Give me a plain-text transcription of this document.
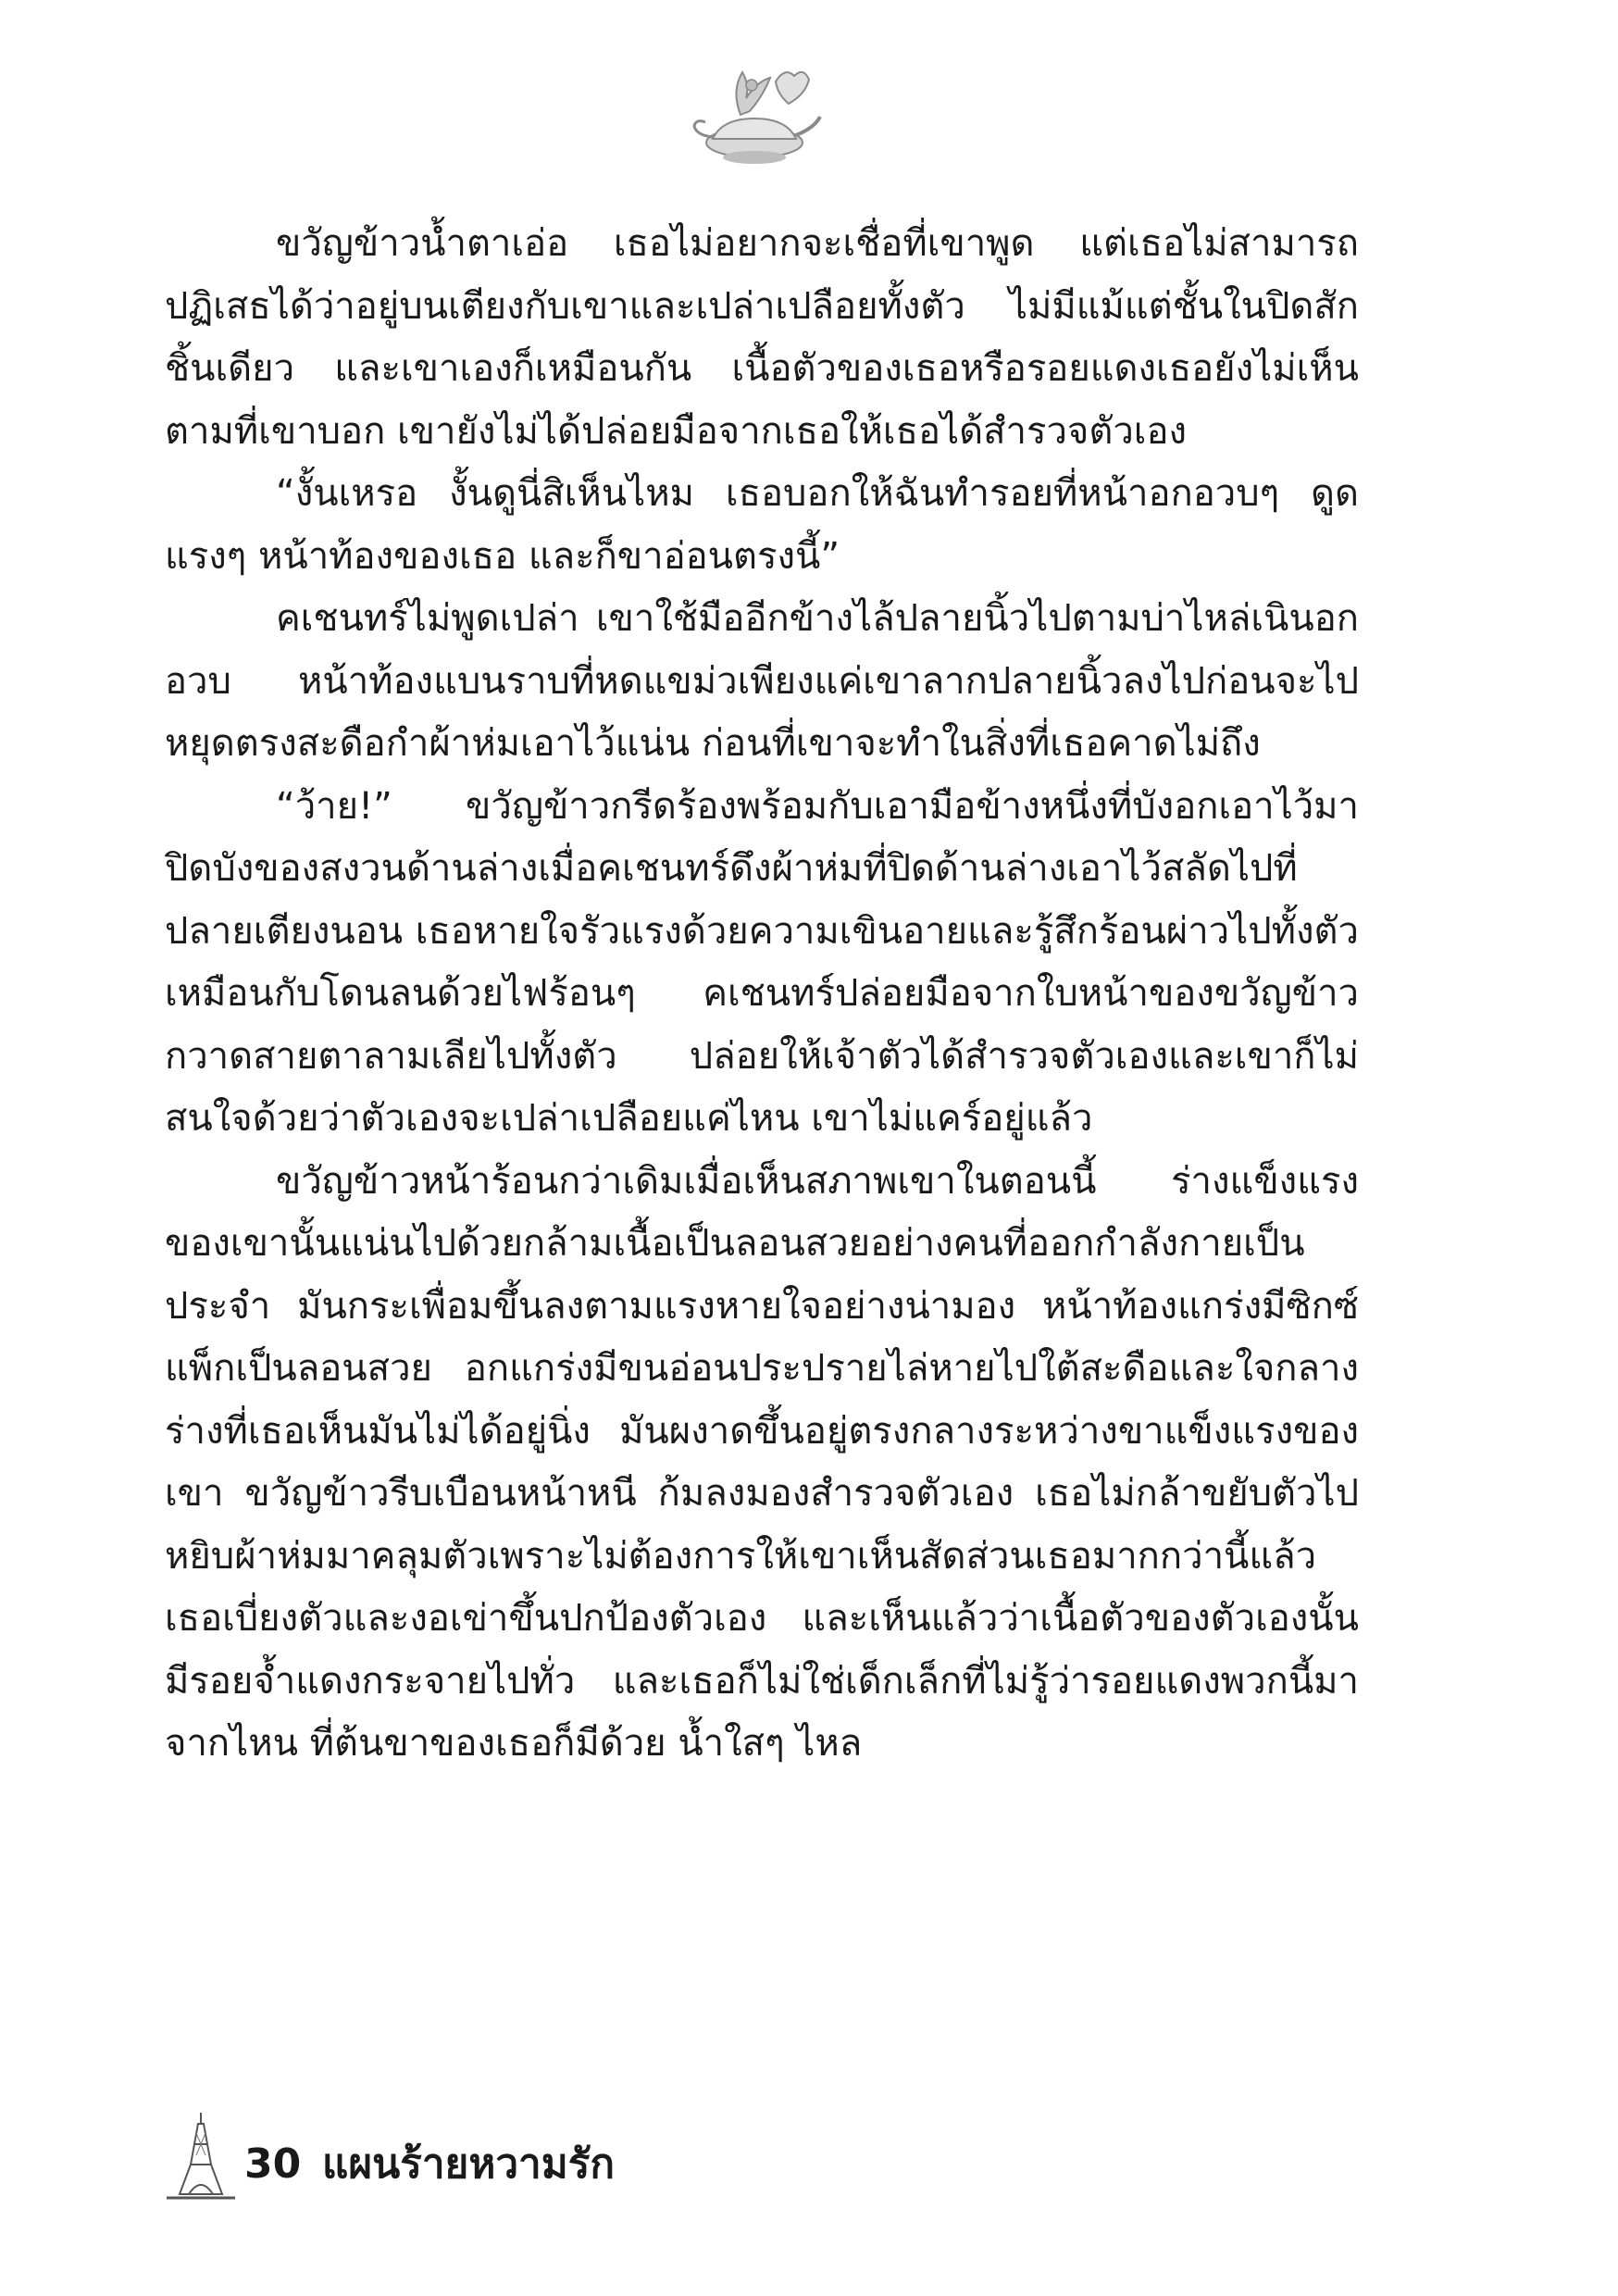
ขวัญข้าวน้ำตาเอ่อ เธอไม่อยากจะเชื่อที่เขาพูด แต่เธอไม่สามารถปฏิเสธได้ว่าอยู่บนเตียงกับเขาและเปล่าเปลือยทั้งตัว ไม่มีแม้แต่ชั้นในปิดสักชิ้นเดียว และเขาเองก็เหมือนกัน เนื้อตัวของเธอหรือรอยแดงเธอยังไม่เห็นตามที่เขาบอก เขายังไม่ได้ปล่อยมือจากเธอให้เธอได้สำรวจตัวเอง

“งั้นเหรอ งั้นดูนี่สิเห็นไหม เธอบอกให้ฉันทำรอยที่หน้าอกอวบๆ ดูดแรงๆ หน้าท้องของเธอ และก็ขาอ่อนตรงนี้”

คเชนทร์ไม่พูดเปล่า เขาใช้มืออีกข้างไล้ปลายนิ้วไปตามบ่าไหล่เนินอกอวบ หน้าท้องแบนราบที่หดแขม่วเพียงแค่เขาลากปลายนิ้วลงไปก่อนจะไปหยุดตรงสะดือกำผ้าห่มเอาไว้แน่น ก่อนที่เขาจะทำในสิ่งที่เธอคาดไม่ถึง

“ว้าย!” ขวัญข้าวกรีดร้องพร้อมกับเอามือข้างหนึ่งที่บังอกเอาไว้มาปิดบังของสงวนด้านล่างเมื่อคเชนทร์ดึงผ้าห่มที่ปิดด้านล่างเอาไว้สลัดไปที่ปลายเตียงนอน เธอหายใจรัวแรงด้วยความเขินอายและรู้สึกร้อนผ่าวไปทั้งตัวเหมือนกับโดนลนด้วยไฟร้อนๆ คเชนทร์ปล่อยมือจากใบหน้าของขวัญข้าว กวาดสายตาลามเลียไปทั้งตัว ปล่อยให้เจ้าตัวได้สำรวจตัวเองและเขาก็ไม่สนใจด้วยว่าตัวเองจะเปล่าเปลือยแค่ไหน เขาไม่แคร์อยู่แล้ว

ขวัญข้าวหน้าร้อนกว่าเดิมเมื่อเห็นสภาพเขาในตอนนี้ ร่างแข็งแรงของเขานั้นแน่นไปด้วยกล้ามเนื้อเป็นลอนสวยอย่างคนที่ออกกำลังกายเป็นประจำ มันกระเพื่อมขึ้นลงตามแรงหายใจอย่างน่ามอง หน้าท้องแกร่งมีซิกซ์แพ็กเป็นลอนสวย อกแกร่งมีขนอ่อนประปรายไล่หายไปใต้สะดือและใจกลางร่างที่เธอเห็นมันไม่ได้อยู่นิ่ง มันผงาดขึ้นอยู่ตรงกลางระหว่างขาแข็งแรงของเขา ขวัญข้าวรีบเบือนหน้าหนี ก้มลงมองสำรวจตัวเอง เธอไม่กล้าขยับตัวไปหยิบผ้าห่มมาคลุมตัวเพราะไม่ต้องการให้เขาเห็นสัดส่วนเธอมากกว่านี้แล้ว เธอเบี่ยงตัวและงอเข่าขึ้นปกป้องตัวเอง และเห็นแล้วว่าเนื้อตัวของตัวเองนั้นมีรอยจ้ำแดงกระจายไปทั่ว และเธอก็ไม่ใช่เด็กเล็กที่ไม่รู้ว่ารอยแดงพวกนี้มาจากไหน ที่ต้นขาของเธอก็มีด้วย น้ำใสๆ ไหล

30 แผนร้ายหวามรัก
